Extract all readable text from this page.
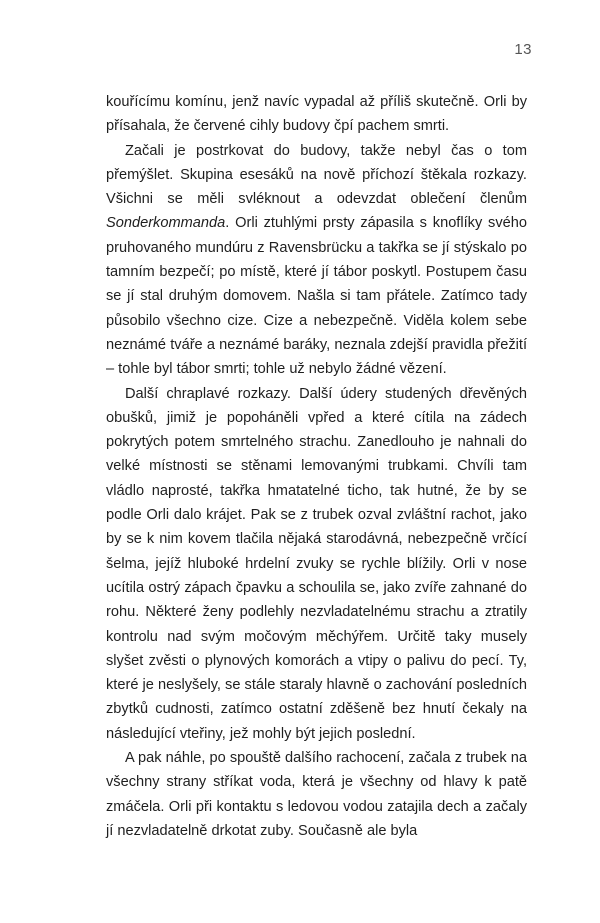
13

kouřícímu komínu, jenž navíc vypadal až příliš skutečně. Orli by přísahala, že červené cihly budovy čpí pachem smrti.

Začali je postrkovat do budovy, takže nebyl čas o tom přemýšlet. Skupina esesáků na nově příchozí štěkala rozkazy. Všichni se měli svléknout a odevzdat oblečení členům Sonderkommanda. Orli ztuhlými prsty zápasila s knoflíky svého pruhovaného mundúru z Ravensbrücku a takřka se jí stýskalo po tamním bezpečí; po místě, které jí tábor poskytl. Postupem času se jí stal druhým domovem. Našla si tam přátele. Zatímco tady působilo všechno cize. Cize a nebezpečně. Viděla kolem sebe neznámé tváře a neznámé baráky, neznala zdejší pravidla přežití – tohle byl tábor smrti; tohle už nebylo žádné vězení.

Další chraplavé rozkazy. Další údery studených dřevěných obušků, jimiž je popoháněli vpřed a které cítila na zádech pokrytých potem smrtelného strachu. Zanedlouho je nahnali do velké místnosti se stěnami lemovanými trubkami. Chvíli tam vládlo naprosté, takřka hmatatelné ticho, tak hutné, že by se podle Orli dalo krájet. Pak se z trubek ozval zvláštní rachot, jako by se k nim kovem tlačila nějaká starodávná, nebezpečně vrčící šelma, jejíž hluboké hrdelní zvuky se rychle blížily. Orli v nose ucítila ostrý zápach čpavku a schoulila se, jako zvíře zahnané do rohu. Některé ženy podlehly nezvladatelnému strachu a ztratily kontrolu nad svým močovým měchýřem. Určitě taky musely slyšet zvěsti o plynových komorách a vtipy o palivu do pecí. Ty, které je neslyšely, se stále staraly hlavně o zachování posledních zbytků cudnosti, zatímco ostatní zděšeně bez hnutí čekaly na následující vteřiny, jež mohly být jejich poslední.

A pak náhle, po spouště dalšího rachocení, začala z trubek na všechny strany stříkat voda, která je všechny od hlavy k patě zmáčela. Orli při kontaktu s ledovou vodou zatajila dech a začaly jí nezvladatelně drkotat zuby. Současně ale byla
